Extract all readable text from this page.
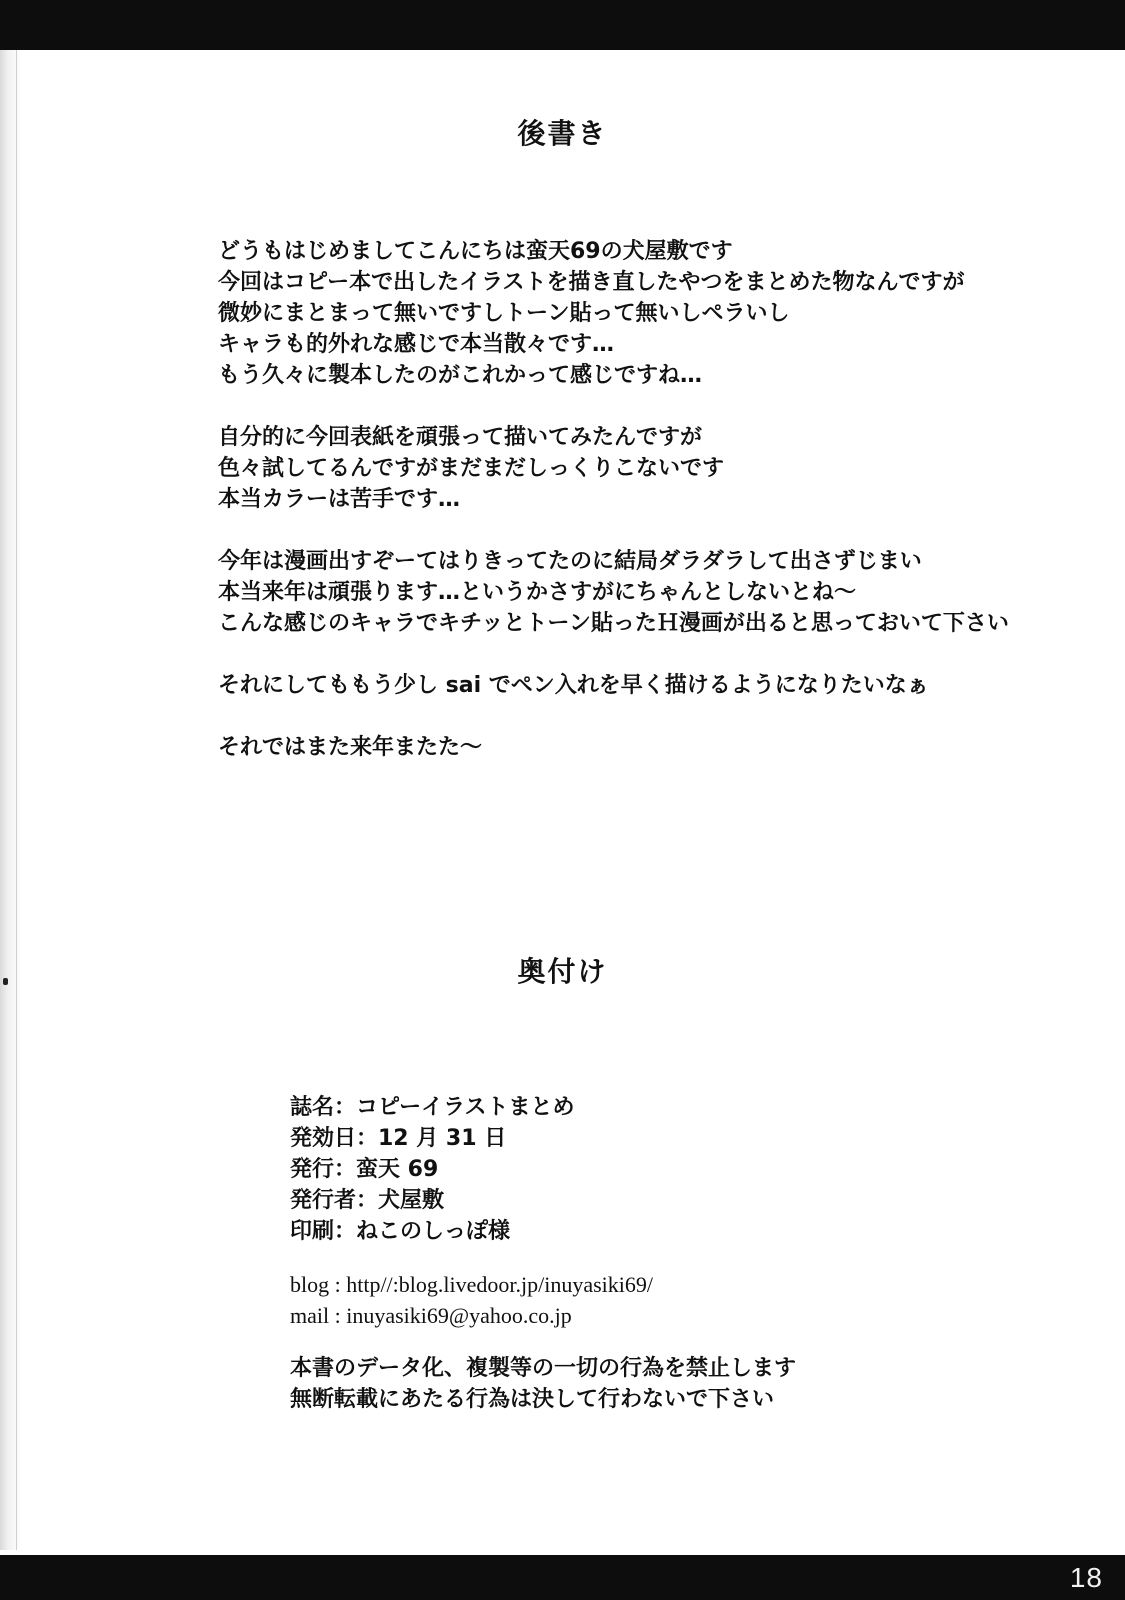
後書き
どうもはじめましてこんにちは蛮天69の犬屋敷です
今回はコピー本で出したイラストを描き直したやつをまとめた物なんですが
微妙にまとまって無いですしトーン貼って無いしペラいし
キャラも的外れな感じで本当散々です…
もう久々に製本したのがこれかって感じですね…
自分的に今回表紙を頑張って描いてみたんですが
色々試してるんですがまだまだしっくりこないです
本当カラーは苦手です…
今年は漫画出すぞーてはりきってたのに結局ダラダラして出さずじまい
本当来年は頑張ります…というかさすがにちゃんとしないとね〜
こんな感じのキャラでキチッとトーン貼ったＨ漫画が出ると思っておいて下さい
それにしてももう少し sai でペン入れを早く描けるようになりたいなぁ
それではまた来年またた〜
奥付け
誌名：コピーイラストまとめ
発効日：12 月 31 日
発行：蛮天 69
発行者：犬屋敷
印刷：ねこのしっぽ様
blog : http//:blog.livedoor.jp/inuyasiki69/
mail : inuyasiki69@yahoo.co.jp
本書のデータ化、複製等の一切の行為を禁止します
無断転載にあたる行為は決して行わないで下さい
18
